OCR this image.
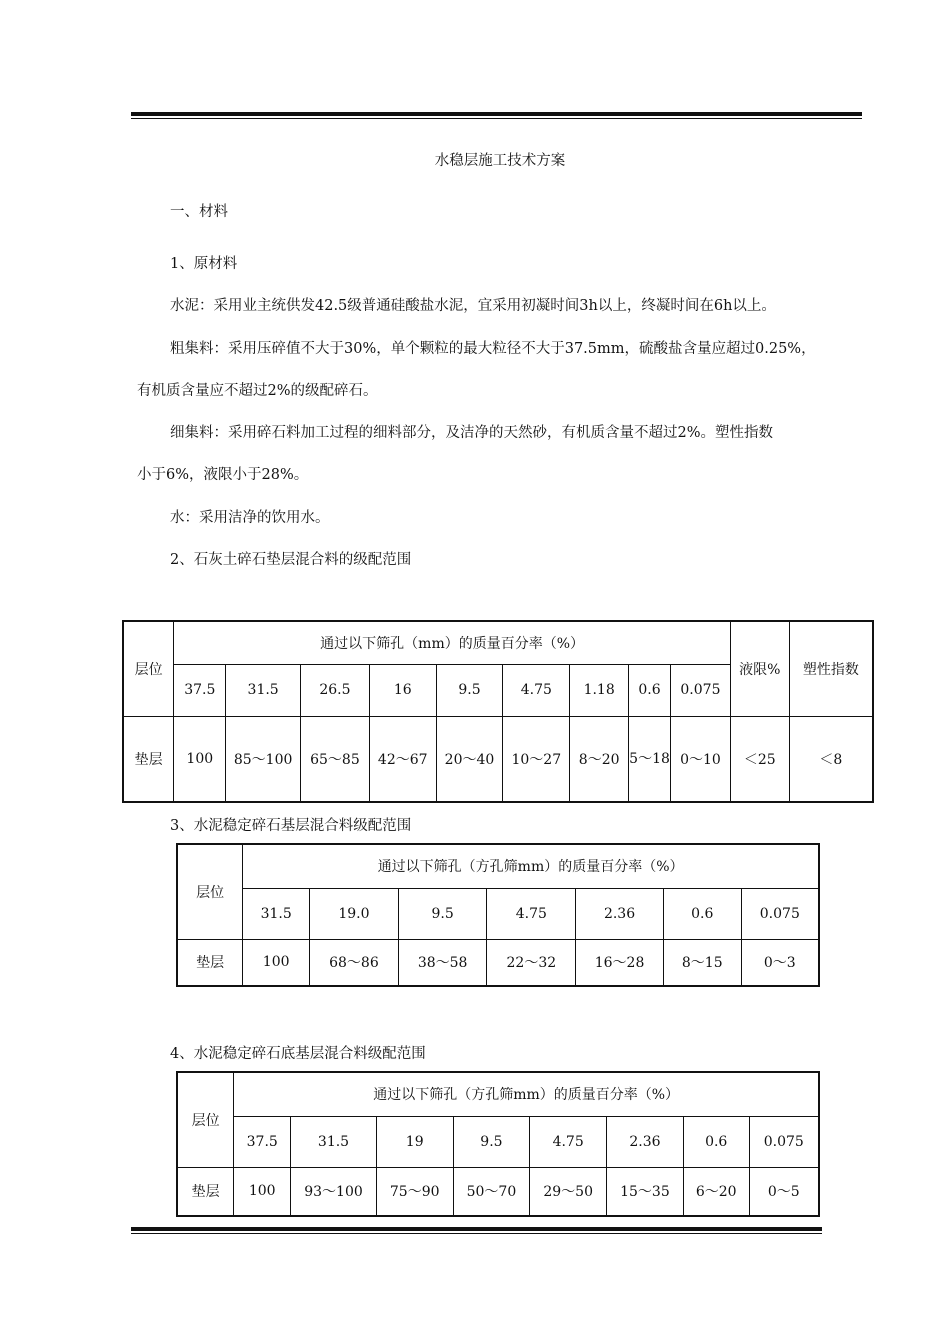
水稳层施工技术方案
一、材料
1、原材料
水泥：采用业主统供发42.5级普通硅酸盐水泥，宜采用初凝时间3h以上，终凝时间在6h以上。
粗集料：采用压碎值不大于30%，单个颗粒的最大粒径不大于37.5mm，硫酸盐含量应超过0.25%，
有机质含量应不超过2%的级配碎石。
细集料：采用碎石料加工过程的细料部分，及洁净的天然砂，有机质含量不超过2%。塑性指数
小于6%，液限小于28%。
水：采用洁净的饮用水。
2、石灰土碎石垫层混合料的级配范围
层位	通过以下筛孔（mm）的质量百分率（%）									液限%	塑性指数
	37.5	31.5	26.5	16	9.5	4.75	1.18	0.6	0.075		
垫层	100	85～100	65～85	42～67	20～40	10～27	8～20	5～18	0～10	＜25	＜8
3、水泥稳定碎石基层混合料级配范围
层位	通过以下筛孔（方孔筛mm）的质量百分率（%）						
	31.5	19.0	9.5	4.75	2.36	0.6	0.075
垫层	100	68～86	38～58	22～32	16～28	8～15	0～3
4、水泥稳定碎石底基层混合料级配范围
层位	通过以下筛孔（方孔筛mm）的质量百分率（%）							
	37.5	31.5	19	9.5	4.75	2.36	0.6	0.075
垫层	100	93～100	75～90	50～70	29～50	15～35	6～20	0～5
